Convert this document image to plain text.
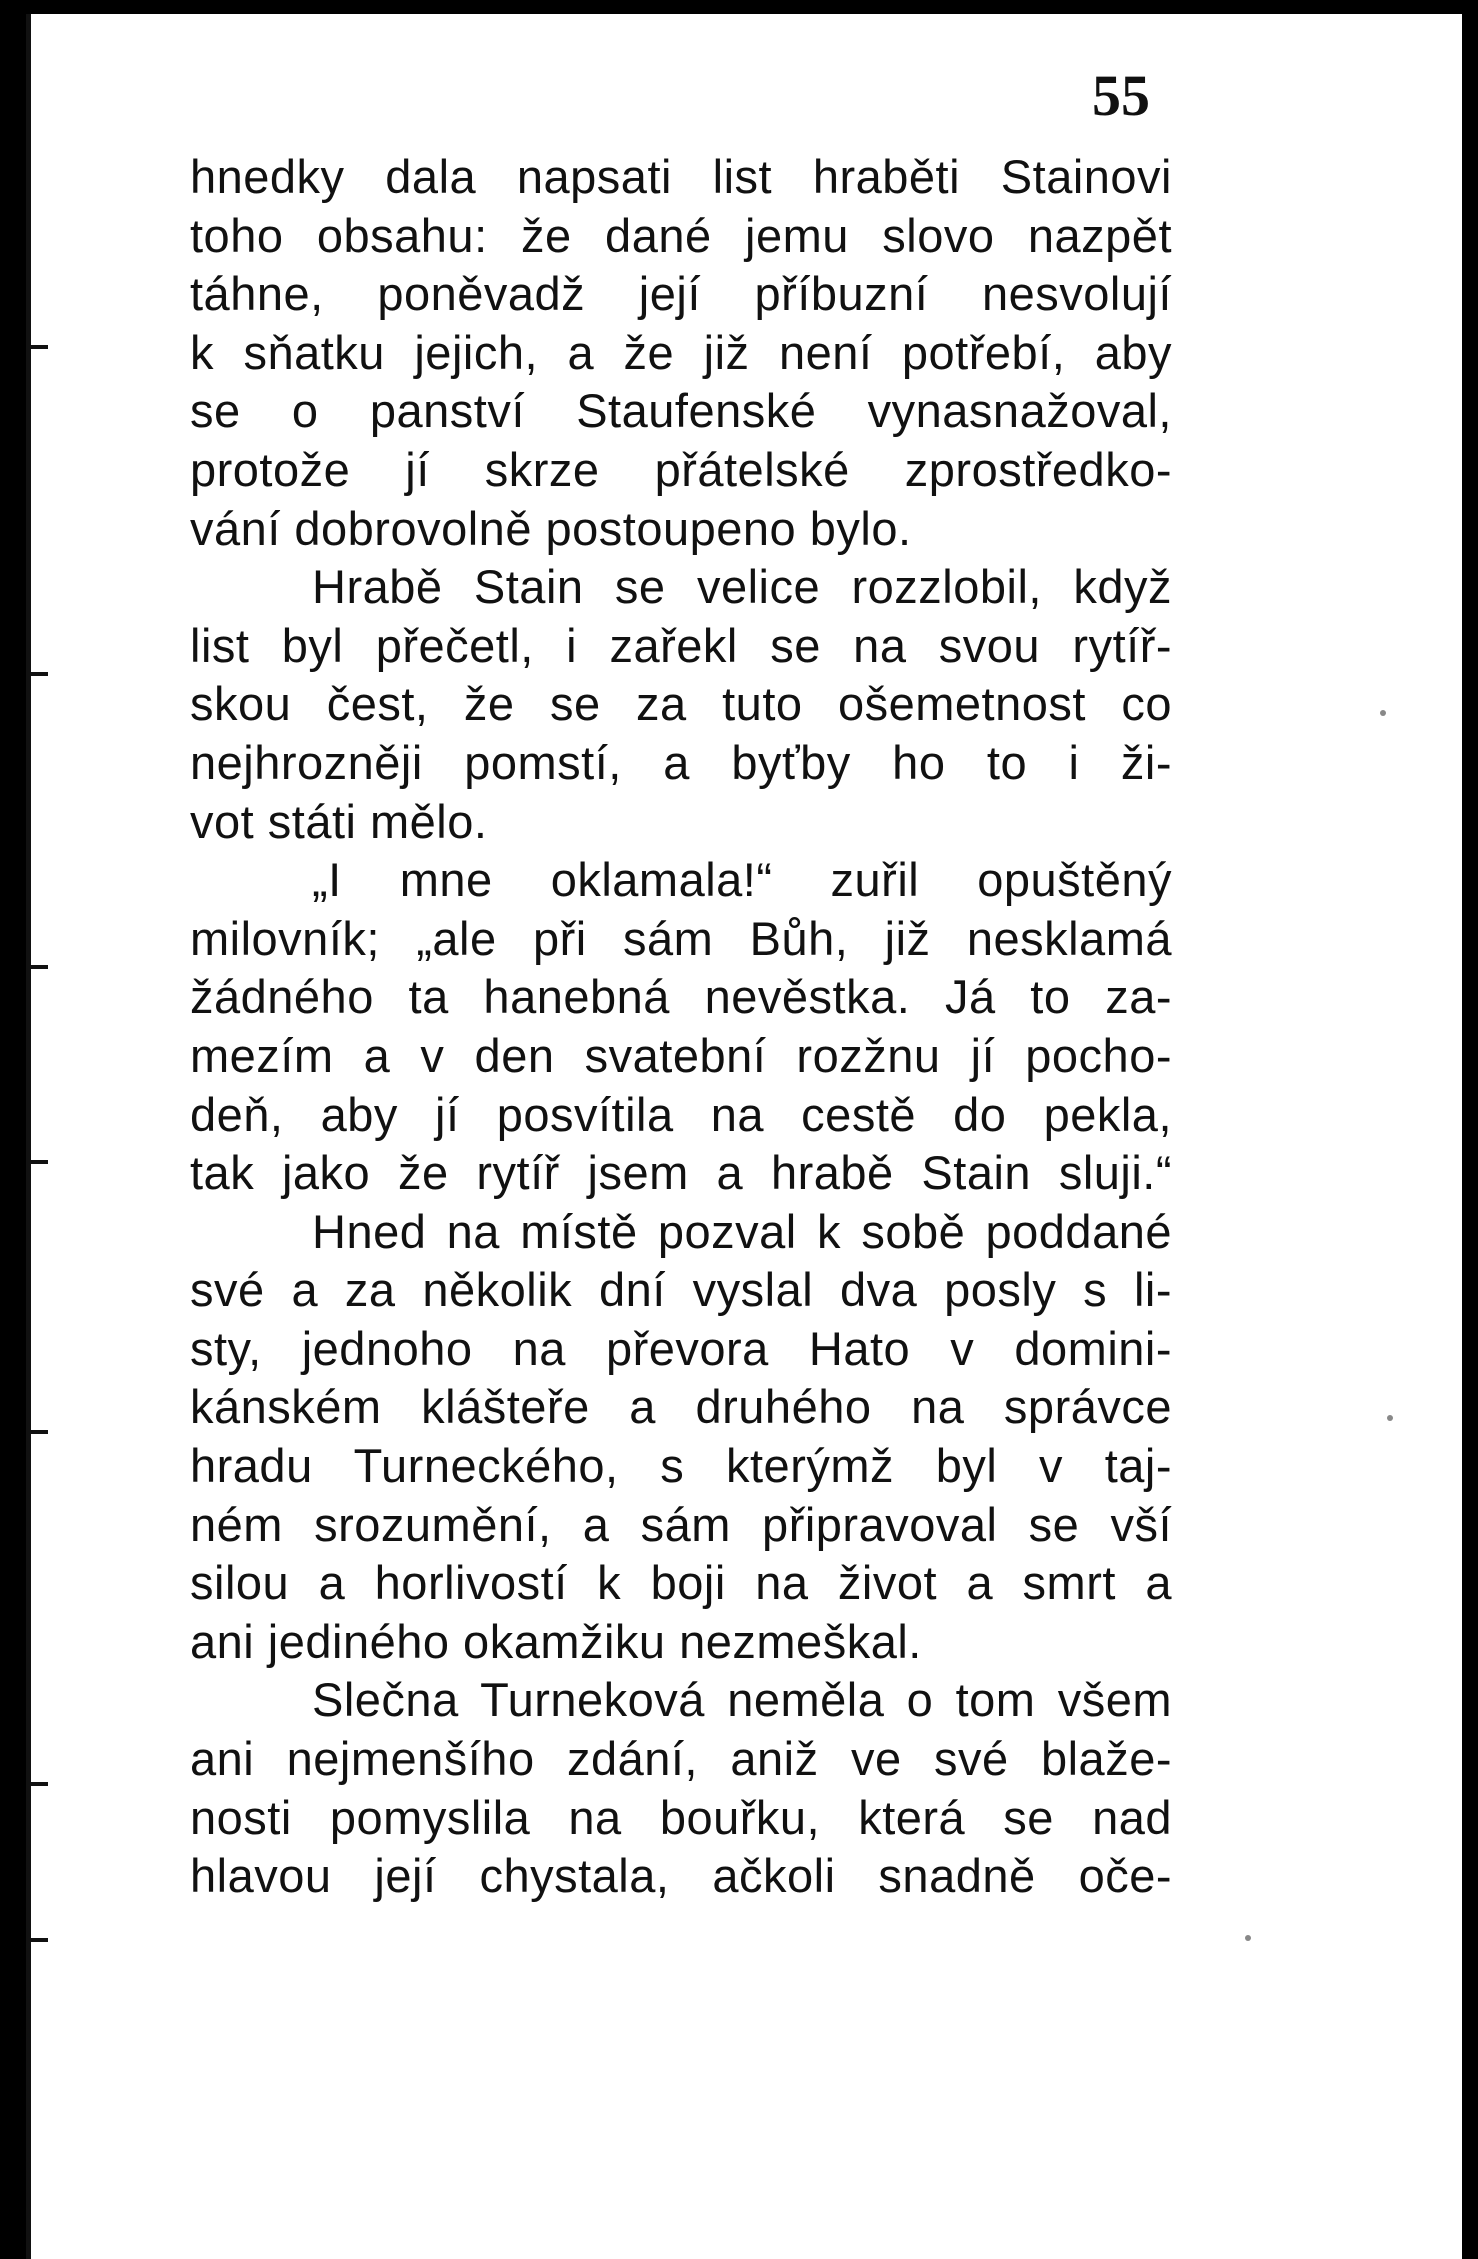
55
hnedky dala napsati list hraběti Stainovi
toho obsahu: že dané jemu slovo nazpět
táhne, poněvadž její příbuzní nesvolují
k sňatku jejich, a že již není potřebí, aby
se o panství Staufenské vynasnažoval,
protože jí skrze přátelské zprostředko-
vání dobrovolně postoupeno bylo.
Hrabě Stain se velice rozzlobil, když
list byl přečetl, i zařekl se na svou rytíř-
skou čest, že se za tuto ošemetnost co
nejhrozněji pomstí, a byťby ho to i ži-
vot státi mělo.
„I mne oklamala!“ zuřil opuštěný
milovník; „ale při sám Bůh, již nesklamá
žádného ta hanebná nevěstka. Já to za-
mezím a v den svatební rozžnu jí pocho-
deň, aby jí posvítila na cestě do pekla,
tak jako že rytíř jsem a hrabě Stain sluji.“
Hned na místě pozval k sobě poddané
své a za několik dní vyslal dva posly s li-
sty, jednoho na převora Hato v domini-
kánském klášteře a druhého na správce
hradu Turneckého, s kterýmž byl v taj-
ném srozumění, a sám připravoval se vší
silou a horlivostí k boji na život a smrt a
ani jediného okamžiku nezmeškal.
Slečna Turneková neměla o tom všem
ani nejmenšího zdání, aniž ve své blaže-
nosti pomyslila na bouřku, která se nad
hlavou její chystala, ačkoli snadně oče-
